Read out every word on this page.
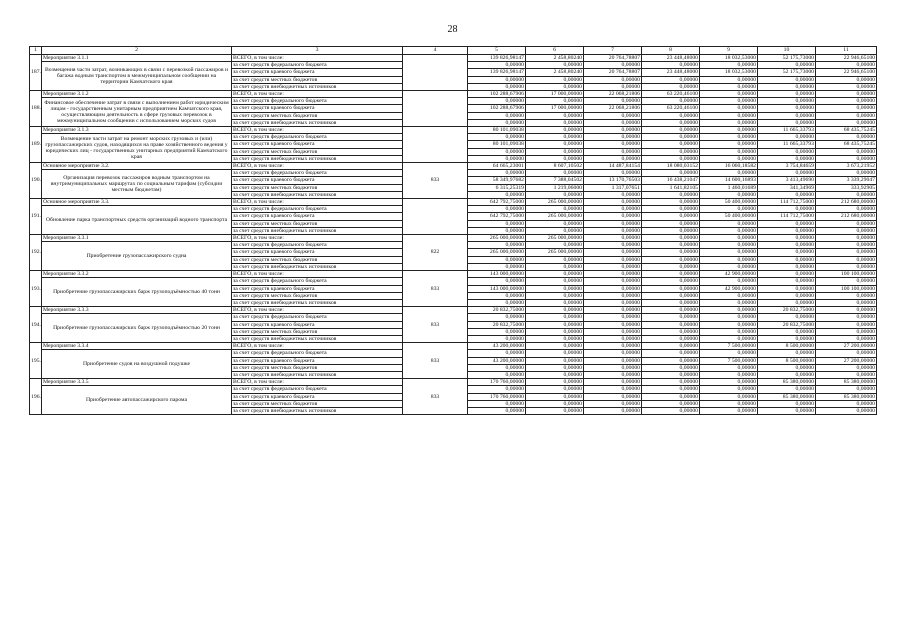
28
1	2	3	4	5	6	7	8	9	10	11
187.	Мероприятие 3.1.1	ВСЕГО, в том числе:		139 826,98147	2 458,80240	20 764,78807	23 448,48000	18 032,53000	52 175,73000	22 946,65100
	Возмещения части затрат, возникающих в связи с перевозкой пассажиров и багажа водным транспортом в межмуниципальном сообщении на территории Камчатского края	за счет средств федерального бюджета		0,00000	0,00000	0,00000	0,00000	0,00000	0,00000	0,00000
		за счет средств краевого бюджета		139 826,98147	2 458,80240	20 764,78807	23 448,48000	18 032,53000	52 175,73000	22 946,65100
		за счет средств местных бюджетов		0,00000	0,00000	0,00000	0,00000	0,00000	0,00000	0,00000
		за счет средств внебюджетных источников		0,00000	0,00000	0,00000	0,00000	0,00000	0,00000	0,00000
188.	Мероприятие 3.1.2	ВСЕГО, в том числе:		102 288,67906	17 000,00000	22 068,21806	63 220,46100	0,00000	0,00000	0,00000
	Финансовое обеспечение затрат в связи с выполнением работ юридическим лицам - государственным унитарным предприятием Камчатского края, осуществляющим деятельность в сфере грузовых перевозок в межмуниципальном сообщении с использованием морских судов	за счет средств федерального бюджета		0,00000	0,00000	0,00000	0,00000	0,00000	0,00000	0,00000
		за счет средств краевого бюджета		102 288,67906	17 000,00000	22 068,21806	63 220,46100	0,00000	0,00000	0,00000
		за счет средств местных бюджетов		0,00000	0,00000	0,00000	0,00000	0,00000	0,00000	0,00000
		за счет средств внебюджетных источников		0,00000	0,00000	0,00000	0,00000	0,00000	0,00000	0,00000
189.	Мероприятие 3.1.3	ВСЕГО, в том числе:		80 101,09038	0,00000	0,00000	0,00000	0,00000	11 665,33793	68 435,75245
	Возмещение части затрат на ремонт морских грузовых и (или) грузопассажирских судов, находящихся на праве хозяйственного ведения у юридических лиц - государственных унитарных предприятий Камчатского края	за счет средств федерального бюджета		0,00000	0,00000	0,00000	0,00000	0,00000	0,00000	0,00000
		за счет средств краевого бюджета		80 101,09038	0,00000	0,00000	0,00000	0,00000	11 665,33793	68 435,75245
		за счет средств местных бюджетов		0,00000	0,00000	0,00000	0,00000	0,00000	0,00000	0,00000
		за счет средств внебюджетных источников		0,00000	0,00000	0,00000	0,00000	0,00000	0,00000	0,00000
190.	Основное мероприятие 3.2.	ВСЕГО, в том числе:	833	64 665,23001	8 607,10502	14 487,84154	18 080,03152	16 060,18582	3 754,84659	3 673,21952
	Организация перевозок пассажиров водным транспортом на внутримуниципальных маршрутах по социальным тарифам (субсидии местным бюджетам)	за счет средств федерального бюджета		0,00000	0,00000	0,00000	0,00000	0,00000	0,00000	0,00000
		за счет средств краевого бюджета		58 349,97682	7 388,04502	13 170,76503	16 438,21047	14 600,16893	3 413,49690	3 339,29047
		за счет средств местных бюджетов		6 315,25319	1 219,06000	1 317,07651	1 641,82105	1 460,01689	341,34969	333,92905
		за счет средств внебюджетных источников		0,00000	0,00000	0,00000	0,00000	0,00000	0,00000	0,00000
191.	Основное мероприятие 3.3.	ВСЕГО, в том числе:		642 792,75000	265 000,00000	0,00000	0,00000	50 400,00000	114 712,75000	212 680,00000
	Обновление парка транспортных средств организаций водного транспорта	за счет средств федерального бюджета		0,00000	0,00000	0,00000	0,00000	0,00000	0,00000	0,00000
		за счет средств краевого бюджета		642 792,75000	265 000,00000	0,00000	0,00000	50 400,00000	114 712,75000	212 680,00000
		за счет средств местных бюджетов		0,00000	0,00000	0,00000	0,00000	0,00000	0,00000	0,00000
		за счет средств внебюджетных источников		0,00000	0,00000	0,00000	0,00000	0,00000	0,00000	0,00000
192.	Мероприятие 3.3.1	ВСЕГО, в том числе:	822	265 000,00000	265 000,00000	0,00000	0,00000	0,00000	0,00000	0,00000
	Приобретение грузопассажирского судна	за счет средств федерального бюджета		0,00000	0,00000	0,00000	0,00000	0,00000	0,00000	0,00000
		за счет средств краевого бюджета		265 000,00000	265 000,00000	0,00000	0,00000	0,00000	0,00000	0,00000
		за счет средств местных бюджетов		0,00000	0,00000	0,00000	0,00000	0,00000	0,00000	0,00000
		за счет средств внебюджетных источников		0,00000	0,00000	0,00000	0,00000	0,00000	0,00000	0,00000
193.	Мероприятие 3.3.2	ВСЕГО, в том числе:	833	143 000,00000	0,00000	0,00000	0,00000	42 900,00000	0,00000	100 100,00000
	Приобретение грузопассажирских барж грузоподъёмностью 40 тонн	за счет средств федерального бюджета		0,00000	0,00000	0,00000	0,00000	0,00000	0,00000	0,00000
		за счет средств краевого бюджета		143 000,00000	0,00000	0,00000	0,00000	42 900,00000	0,00000	100 100,00000
		за счет средств местных бюджетов		0,00000	0,00000	0,00000	0,00000	0,00000	0,00000	0,00000
		за счет средств внебюджетных источников		0,00000	0,00000	0,00000	0,00000	0,00000	0,00000	0,00000
194.	Мероприятие 3.3.3	ВСЕГО, в том числе:	833	20 832,75000	0,00000	0,00000	0,00000	0,00000	20 832,75000	0,00000
	Приобретение грузопассажирских барж грузоподъёмностью 20 тонн	за счет средств федерального бюджета		0,00000	0,00000	0,00000	0,00000	0,00000	0,00000	0,00000
		за счет средств краевого бюджета		20 832,75000	0,00000	0,00000	0,00000	0,00000	20 832,75000	0,00000
		за счет средств местных бюджетов		0,00000	0,00000	0,00000	0,00000	0,00000	0,00000	0,00000
		за счет средств внебюджетных источников		0,00000	0,00000	0,00000	0,00000	0,00000	0,00000	0,00000
195.	Мероприятие 3.3.4	ВСЕГО, в том числе:	833	43 200,00000	0,00000	0,00000	0,00000	7 500,00000	8 500,00000	27 200,00000
	Приобретение судов на воздушной подушке	за счет средств федерального бюджета		0,00000	0,00000	0,00000	0,00000	0,00000	0,00000	0,00000
		за счет средств краевого бюджета		43 200,00000	0,00000	0,00000	0,00000	7 500,00000	8 500,00000	27 200,00000
		за счет средств местных бюджетов		0,00000	0,00000	0,00000	0,00000	0,00000	0,00000	0,00000
		за счет средств внебюджетных источников		0,00000	0,00000	0,00000	0,00000	0,00000	0,00000	0,00000
196.	Мероприятие 3.3.5	ВСЕГО, в том числе:	833	170 760,00000	0,00000	0,00000	0,00000	0,00000	85 380,00000	85 380,00000
	Приобретение автопассажирского парома	за счет средств федерального бюджета		0,00000	0,00000	0,00000	0,00000	0,00000	0,00000	0,00000
		за счет средств краевого бюджета		170 760,00000	0,00000	0,00000	0,00000	0,00000	85 380,00000	85 380,00000
		за счет средств местных бюджетов		0,00000	0,00000	0,00000	0,00000	0,00000	0,00000	0,00000
		за счет средств внебюджетных источников		0,00000	0,00000	0,00000	0,00000	0,00000	0,00000	0,00000
